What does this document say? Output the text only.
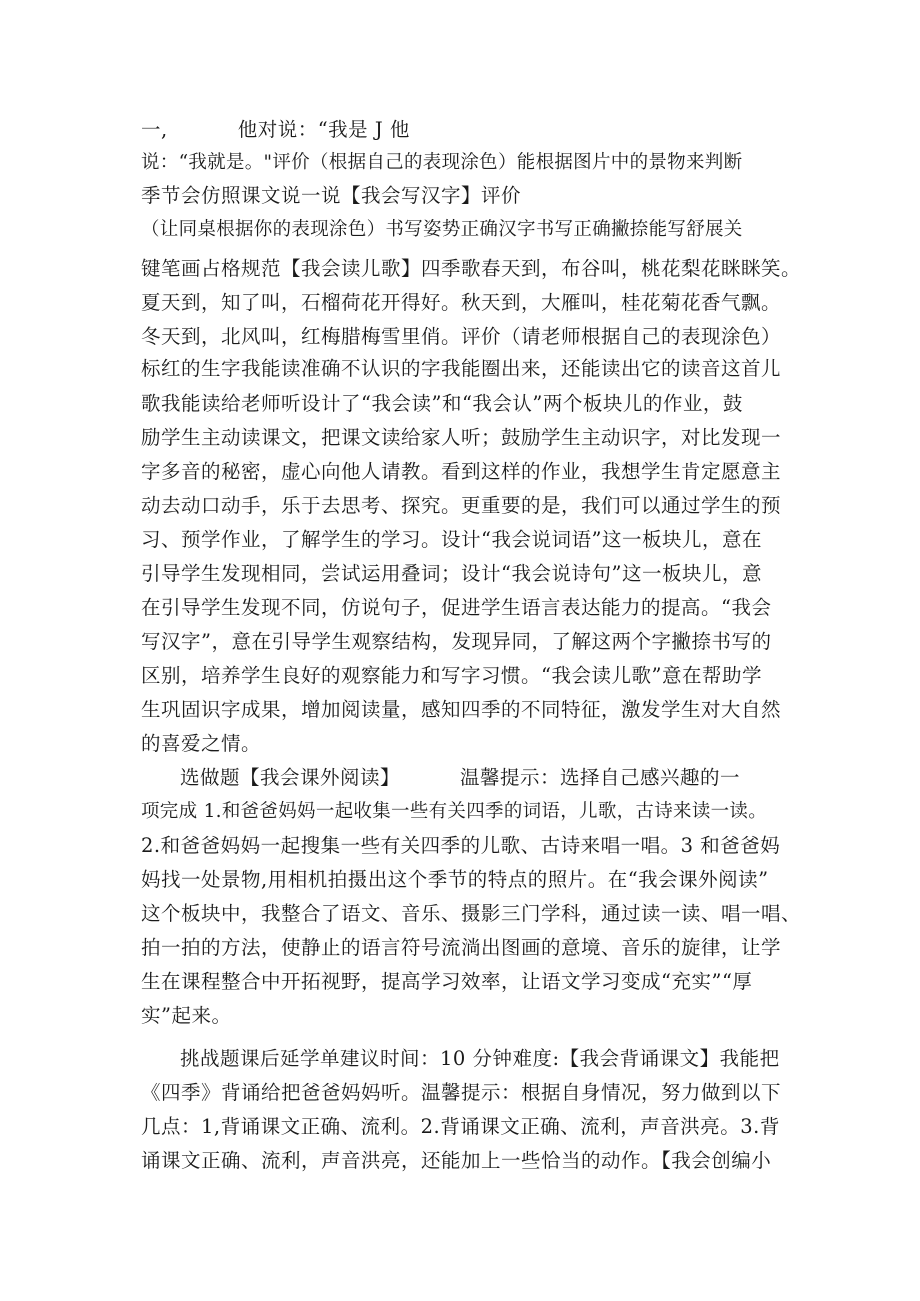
一,	他对说：“我是 J 他
说：“我就是。"评价（根据自己的表现涂色）能根据图片中的景物来判断
季节会仿照课文说一说【我会写汉字】评价
（让同桌根据你的表现涂色）书写姿势正确汉字书写正确撇捺能写舒展关
键笔画占格规范【我会读儿歌】四季歌春天到，布谷叫，桃花梨花眯眯笑。
夏天到，知了叫，石榴荷花开得好。秋天到，大雁叫，桂花菊花香气飘。
冬天到，北风叫，红梅腊梅雪里俏。评价（请老师根据自己的表现涂色）
标红的生字我能读准确不认识的字我能圈出来，还能读出它的读音这首儿
歌我能读给老师听设计了“我会读”和“我会认”两个板块儿的作业，鼓
励学生主动读课文，把课文读给家人听；鼓励学生主动识字，对比发现一
字多音的秘密，虚心向他人请教。看到这样的作业，我想学生肯定愿意主
动去动口动手，乐于去思考、探究。更重要的是，我们可以通过学生的预
习、预学作业，了解学生的学习。设计“我会说词语”这一板块儿，意在
引导学生发现相同，尝试运用叠词；设计“我会说诗句”这一板块儿，意
在引导学生发现不同，仿说句子，促进学生语言表达能力的提高。“我会
写汉字”，意在引导学生观察结构，发现异同，了解这两个字撇捺书写的
区别，培养学生良好的观察能力和写字习惯。“我会读儿歌”意在帮助学
生巩固识字成果，增加阅读量，感知四季的不同特征，激发学生对大自然
的喜爱之情。
选做题【我会课外阅读】	温馨提示：选择自己感兴趣的一
项完成 1.和爸爸妈妈一起收集一些有关四季的词语，儿歌，古诗来读一读。
2.和爸爸妈妈一起搜集一些有关四季的儿歌、古诗来唱一唱。3 和爸爸妈
妈找一处景物,用相机拍摄出这个季节的特点的照片。在“我会课外阅读”
这个板块中，我整合了语文、音乐、摄影三门学科，通过读一读、唱一唱、
拍一拍的方法，使静止的语言符号流淌出图画的意境、音乐的旋律，让学
生在课程整合中开拓视野，提高学习效率，让语文学习变成“充实”“厚
实”起来。
挑战题课后延学单建议时间：10 分钟难度:【我会背诵课文】我能把
《四季》背诵给把爸爸妈妈听。温馨提示：根据自身情况，努力做到以下
几点：1,背诵课文正确、流利。2.背诵课文正确、流利，声音洪亮。3.背
诵课文正确、流利，声音洪亮，还能加上一些恰当的动作。【我会创编小
